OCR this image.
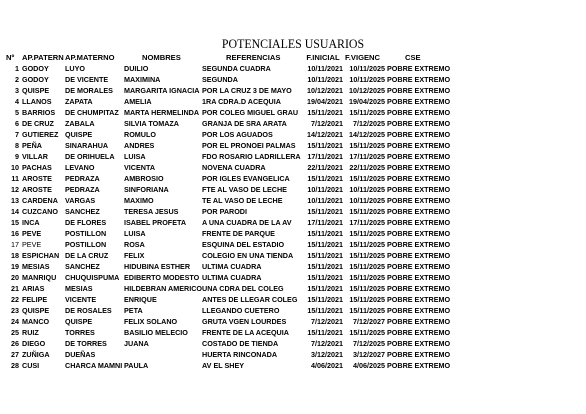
POTENCIALES USUARIOS
Nº	AP.PATERN	AP.MATERNO	NOMBRES	REFERENCIAS	F.INICIAL	F.VIGENC	CSE
1	GODOY	LUYO	DUILIO	SEGUNDA CUADRA	10/11/2021	10/11/2025	POBRE EXTREMO
2	GODOY	DE VICENTE	MAXIMINA	SEGUNDA	10/11/2021	10/11/2025	POBRE EXTREMO
3	QUISPE	DE MORALES	MARGARITA IGNACIA	POR LA CRUZ 3 DE MAYO	10/12/2021	10/12/2025	POBRE EXTREMO
4	LLANOS	ZAPATA	AMELIA	1RA CDRA.D ACEQUIA	19/04/2021	19/04/2025	POBRE EXTREMO
5	BARRIOS	DE CHUMPITAZ	MARTA HERMELINDA	POR COLEG MIGUEL GRAU	15/11/2021	15/11/2025	POBRE EXTREMO
6	DE CRUZ	ZABALA	SILVIA TOMAZA	GRANJA DE SRA ARATA	7/12/2021	7/12/2025	POBRE EXTREMO
7	GUTIEREZ	QUISPE	ROMULO	POR LOS AGUADOS	14/12/2021	14/12/2025	POBRE EXTREMO
8	PEÑA	SINARAHUA	ANDRES	POR EL PRONOEI PALMAS	15/11/2021	15/11/2025	POBRE EXTREMO
9	VILLAR	DE ORIHUELA	LUISA	FDO ROSARIO LADRILLERA	17/11/2021	17/11/2025	POBRE EXTREMO
10	PACHAS	LEVANO	VICENTA	NOVENA CUADRA	22/11/2021	22/11/2025	POBRE EXTREMO
11	AROSTE	PEDRAZA	AMBROSIO	POR IGLES EVANGELICA	15/11/2021	15/11/2025	POBRE EXTREMO
12	AROSTE	PEDRAZA	SINFORIANA	FTE AL VASO DE LECHE	10/11/2021	10/11/2025	POBRE EXTREMO
13	CARDENA	VARGAS	MAXIMO	TE AL VASO DE LECHE	10/11/2021	10/11/2025	POBRE EXTREMO
14	CUZCANO	SANCHEZ	TERESA JESUS	POR PARODI	15/11/2021	15/11/2025	POBRE EXTREMO
15	INCA	DE FLORES	ISABEL PROFETA	A UNA CUADRA DE LA AV	17/11/2021	17/11/2025	POBRE EXTREMO
16	PEVE	POSTILLON	LUISA	FRENTE DE PARQUE	15/11/2021	15/11/2025	POBRE EXTREMO
17	PEVE	POSTILLON	ROSA	ESQUINA DEL ESTADIO	15/11/2021	15/11/2025	POBRE EXTREMO
18	ESPICHAN	DE LA CRUZ	FELIX	COLEGIO EN UNA TIENDA	15/11/2021	15/11/2025	POBRE EXTREMO
19	MESIAS	SANCHEZ	HIDUBINA ESTHER	ULTIMA CUADRA	15/11/2021	15/11/2025	POBRE EXTREMO
20	MANRIQU	CHUQUISPUMA	EDIBERTO MODESTO	ULTIMA CUADRA	15/11/2021	15/11/2025	POBRE EXTREMO
21	ARIAS	MESIAS	HILDEBRAN AMERICO	UNA CDRA DEL COLEG	15/11/2021	15/11/2025	POBRE EXTREMO
22	FELIPE	VICENTE	ENRIQUE	ANTES DE LLEGAR COLEG	15/11/2021	15/11/2025	POBRE EXTREMO
23	QUISPE	DE ROSALES	PETA	LLEGANDO CUETERO	15/11/2021	15/11/2025	POBRE EXTREMO
24	MANCO	QUISPE	FELIX SOLANO	GRUTA VGEN LOURDES	7/12/2021	7/12/2027	POBRE EXTREMO
25	RUIZ	TORRES	BASILIO MELECIO	FRENTE DE LA ACEQUIA	15/11/2021	15/11/2025	POBRE EXTREMO
26	DIEGO	DE TORRES	JUANA	COSTADO DE TIENDA	7/12/2021	7/12/2025	POBRE EXTREMO
27	ZUÑIGA	DUEÑAS		HUERTA RINCONADA	3/12/2021	3/12/2027	POBRE EXTREMO
28	CUSI	CHARCA MAMNI	PAULA	AV EL SHEY	4/06/2021	4/06/2025	POBRE EXTREMO
